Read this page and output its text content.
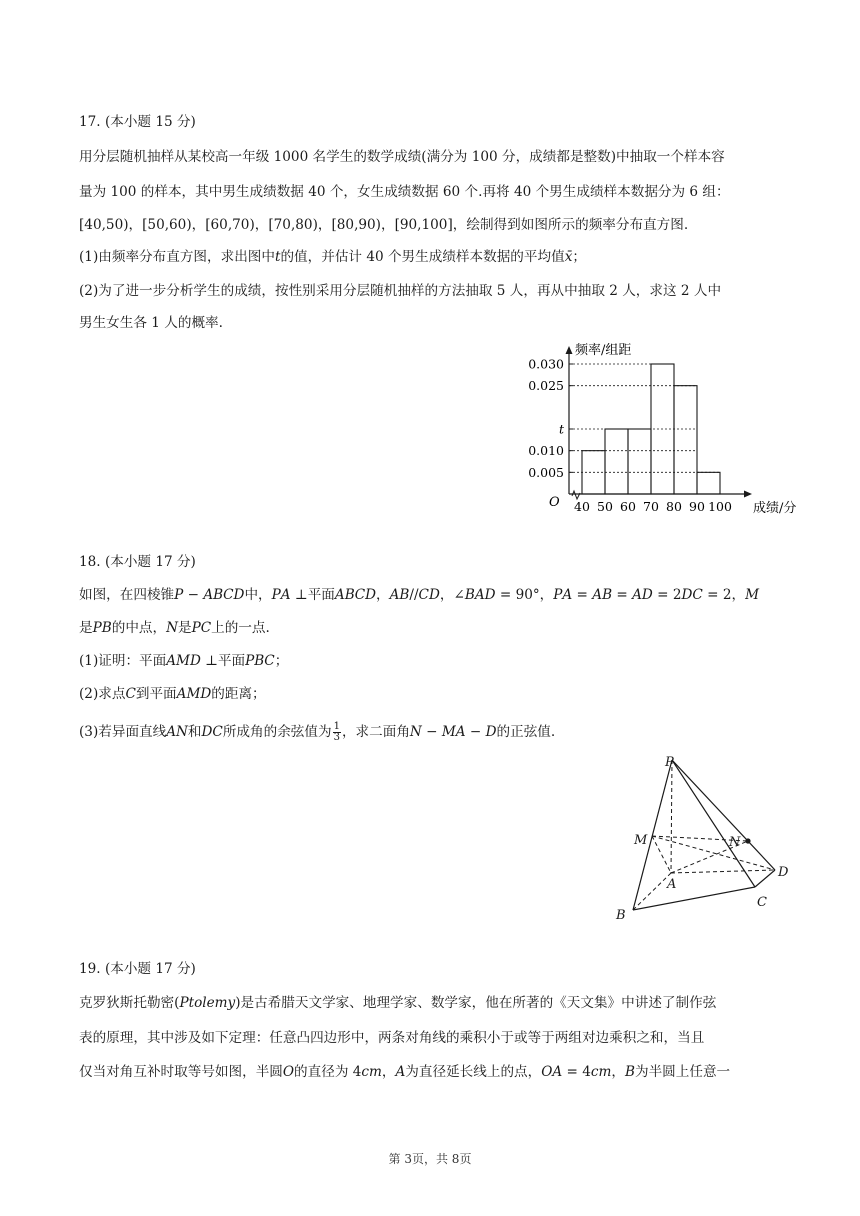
17. (本小题 15 分)
用分层随机抽样从某校高一年级 1000 名学生的数学成绩(满分为 100 分，成绩都是整数)中抽取一个样本容
量为 100 的样本，其中男生成绩数据 40 个，女生成绩数据 60 个.再将 40 个男生成绩样本数据分为 6 组：
[40,50)，[50,60)，[60,70)，[70,80)，[80,90)，[90,100]，绘制得到如图所示的频率分布直方图.
(1)由频率分布直方图，求出图中t的值，并估计 40 个男生成绩样本数据的平均值x̄；
(2)为了进一步分析学生的成绩，按性别采用分层随机抽样的方法抽取 5 人，再从中抽取 2 人，求这 2 人中
男生女生各 1 人的概率.
频率/组距
成绩/分
O
0.005
0.010
t
0.025
0.030
40 50 60 70 80 90 100
18. (本小题 17 分)
如图，在四棱锥𝑃 − 𝐴𝐵𝐶𝐷中，𝑃𝐴 ⊥平面𝐴𝐵𝐶𝐷，𝐴𝐵//𝐶𝐷，∠𝐵𝐴𝐷 = 90°，𝑃𝐴 = 𝐴𝐵 = 𝐴𝐷 = 2𝐷𝐶 = 2，𝑀
是𝑃𝐵的中点，𝑁是𝑃𝐶上的一点.
(1)证明：平面𝐴𝑀𝐷 ⊥平面𝑃𝐵𝐶；
(2)求点𝐶到平面𝐴𝑀𝐷的距离；
(3)若异面直线𝐴𝑁和𝐷𝐶所成角的余弦值为 $\frac{1}{3}$ ，求二面角𝑁 − 𝑀𝐴 − 𝐷的正弦值.
P
M	N
A
B
C
D
19. (本小题 17 分)
克罗狄斯托勒密(𝑃𝑡𝑜𝑙𝑒𝑚𝑦)是古希腊天文学家、地理学家、数学家，他在所著的《天文集》中讲述了制作弦
表的原理，其中涉及如下定理：任意凸四边形中，两条对角线的乘积小于或等于两组对边乘积之和，当且
仅当对角互补时取等号如图，半圆𝑂的直径为 4𝑐𝑚，𝐴为直径延长线上的点，𝑂𝐴 = 4𝑐𝑚，𝐵为半圆上任意一
第 3页，共 8页
